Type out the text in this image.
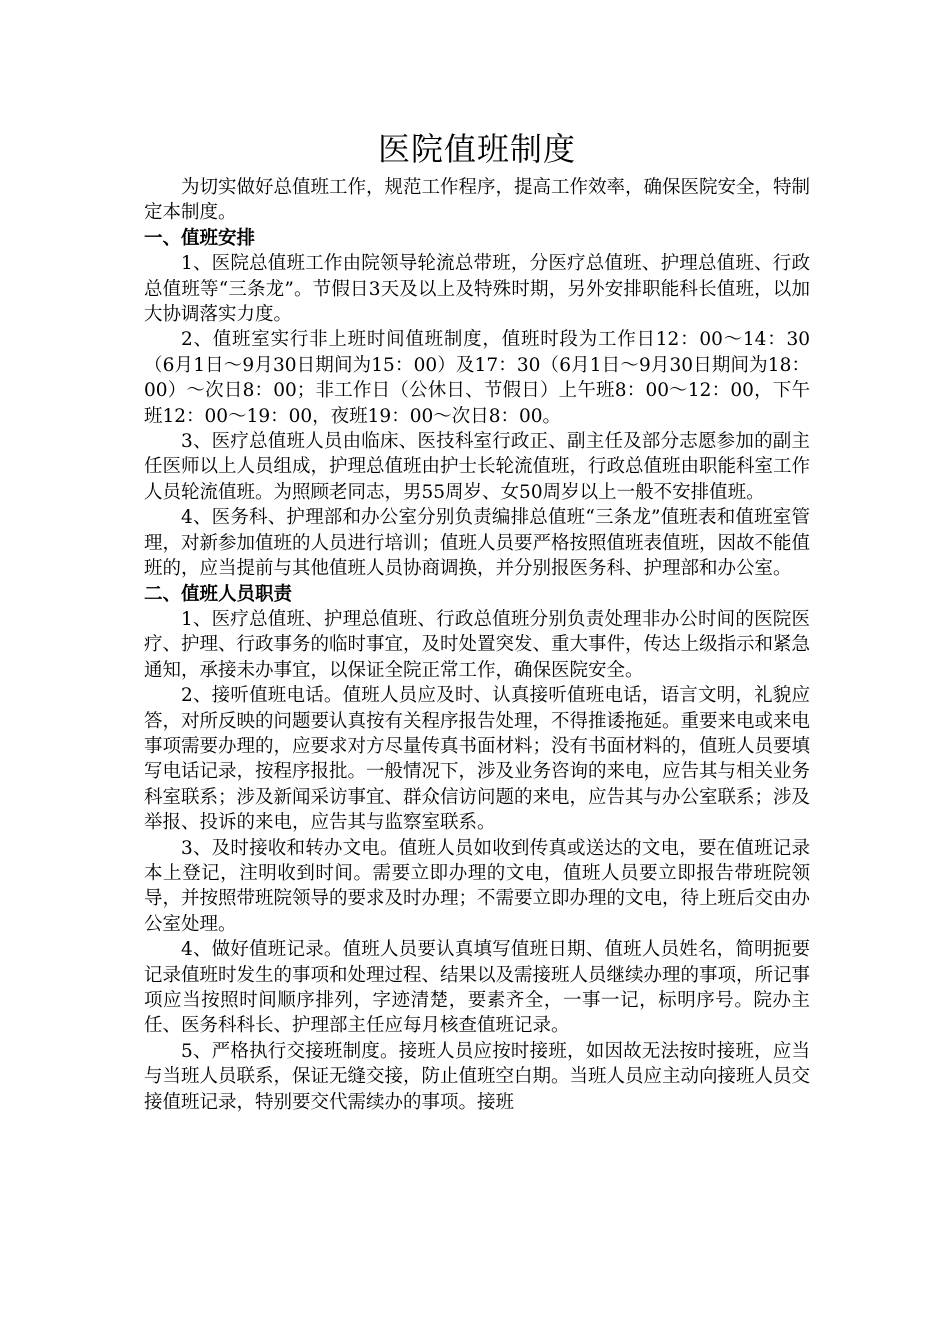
医院值班制度

为切实做好总值班工作，规范工作程序，提高工作效率，确保医院安全，特制定本制度。

一、值班安排

1、医院总值班工作由院领导轮流总带班，分医疗总值班、护理总值班、行政总值班等“三条龙”。节假日3天及以上及特殊时期，另外安排职能科长值班，以加大协调落实力度。

2、值班室实行非上班时间值班制度，值班时段为工作日12：00～14：30（6月1日～9月30日期间为15：00）及17：30（6月1日～9月30日期间为18：00）～次日8：00；非工作日（公休日、节假日）上午班8：00～12：00，下午班12：00～19：00，夜班19：00～次日8：00。

3、医疗总值班人员由临床、医技科室行政正、副主任及部分志愿参加的副主任医师以上人员组成，护理总值班由护士长轮流值班，行政总值班由职能科室工作人员轮流值班。为照顾老同志，男55周岁、女50周岁以上一般不安排值班。

4、医务科、护理部和办公室分别负责编排总值班“三条龙”值班表和值班室管理，对新参加值班的人员进行培训；值班人员要严格按照值班表值班，因故不能值班的，应当提前与其他值班人员协商调换，并分别报医务科、护理部和办公室。

二、值班人员职责

1、医疗总值班、护理总值班、行政总值班分别负责处理非办公时间的医院医疗、护理、行政事务的临时事宜，及时处置突发、重大事件，传达上级指示和紧急通知，承接未办事宜，以保证全院正常工作，确保医院安全。

2、接听值班电话。值班人员应及时、认真接听值班电话，语言文明，礼貌应答，对所反映的问题要认真按有关程序报告处理，不得推诿拖延。重要来电或来电事项需要办理的，应要求对方尽量传真书面材料；没有书面材料的，值班人员要填写电话记录，按程序报批。一般情况下，涉及业务咨询的来电，应告其与相关业务科室联系；涉及新闻采访事宜、群众信访问题的来电，应告其与办公室联系；涉及举报、投诉的来电，应告其与监察室联系。

3、及时接收和转办文电。值班人员如收到传真或送达的文电，要在值班记录本上登记，注明收到时间。需要立即办理的文电，值班人员要立即报告带班院领导，并按照带班院领导的要求及时办理；不需要立即办理的文电，待上班后交由办公室处理。

4、做好值班记录。值班人员要认真填写值班日期、值班人员姓名，简明扼要记录值班时发生的事项和处理过程、结果以及需接班人员继续办理的事项，所记事项应当按照时间顺序排列，字迹清楚，要素齐全，一事一记，标明序号。院办主任、医务科科长、护理部主任应每月核查值班记录。

5、严格执行交接班制度。接班人员应按时接班，如因故无法按时接班，应当与当班人员联系，保证无缝交接，防止值班空白期。当班人员应主动向接班人员交接值班记录，特别要交代需续办的事项。接班
